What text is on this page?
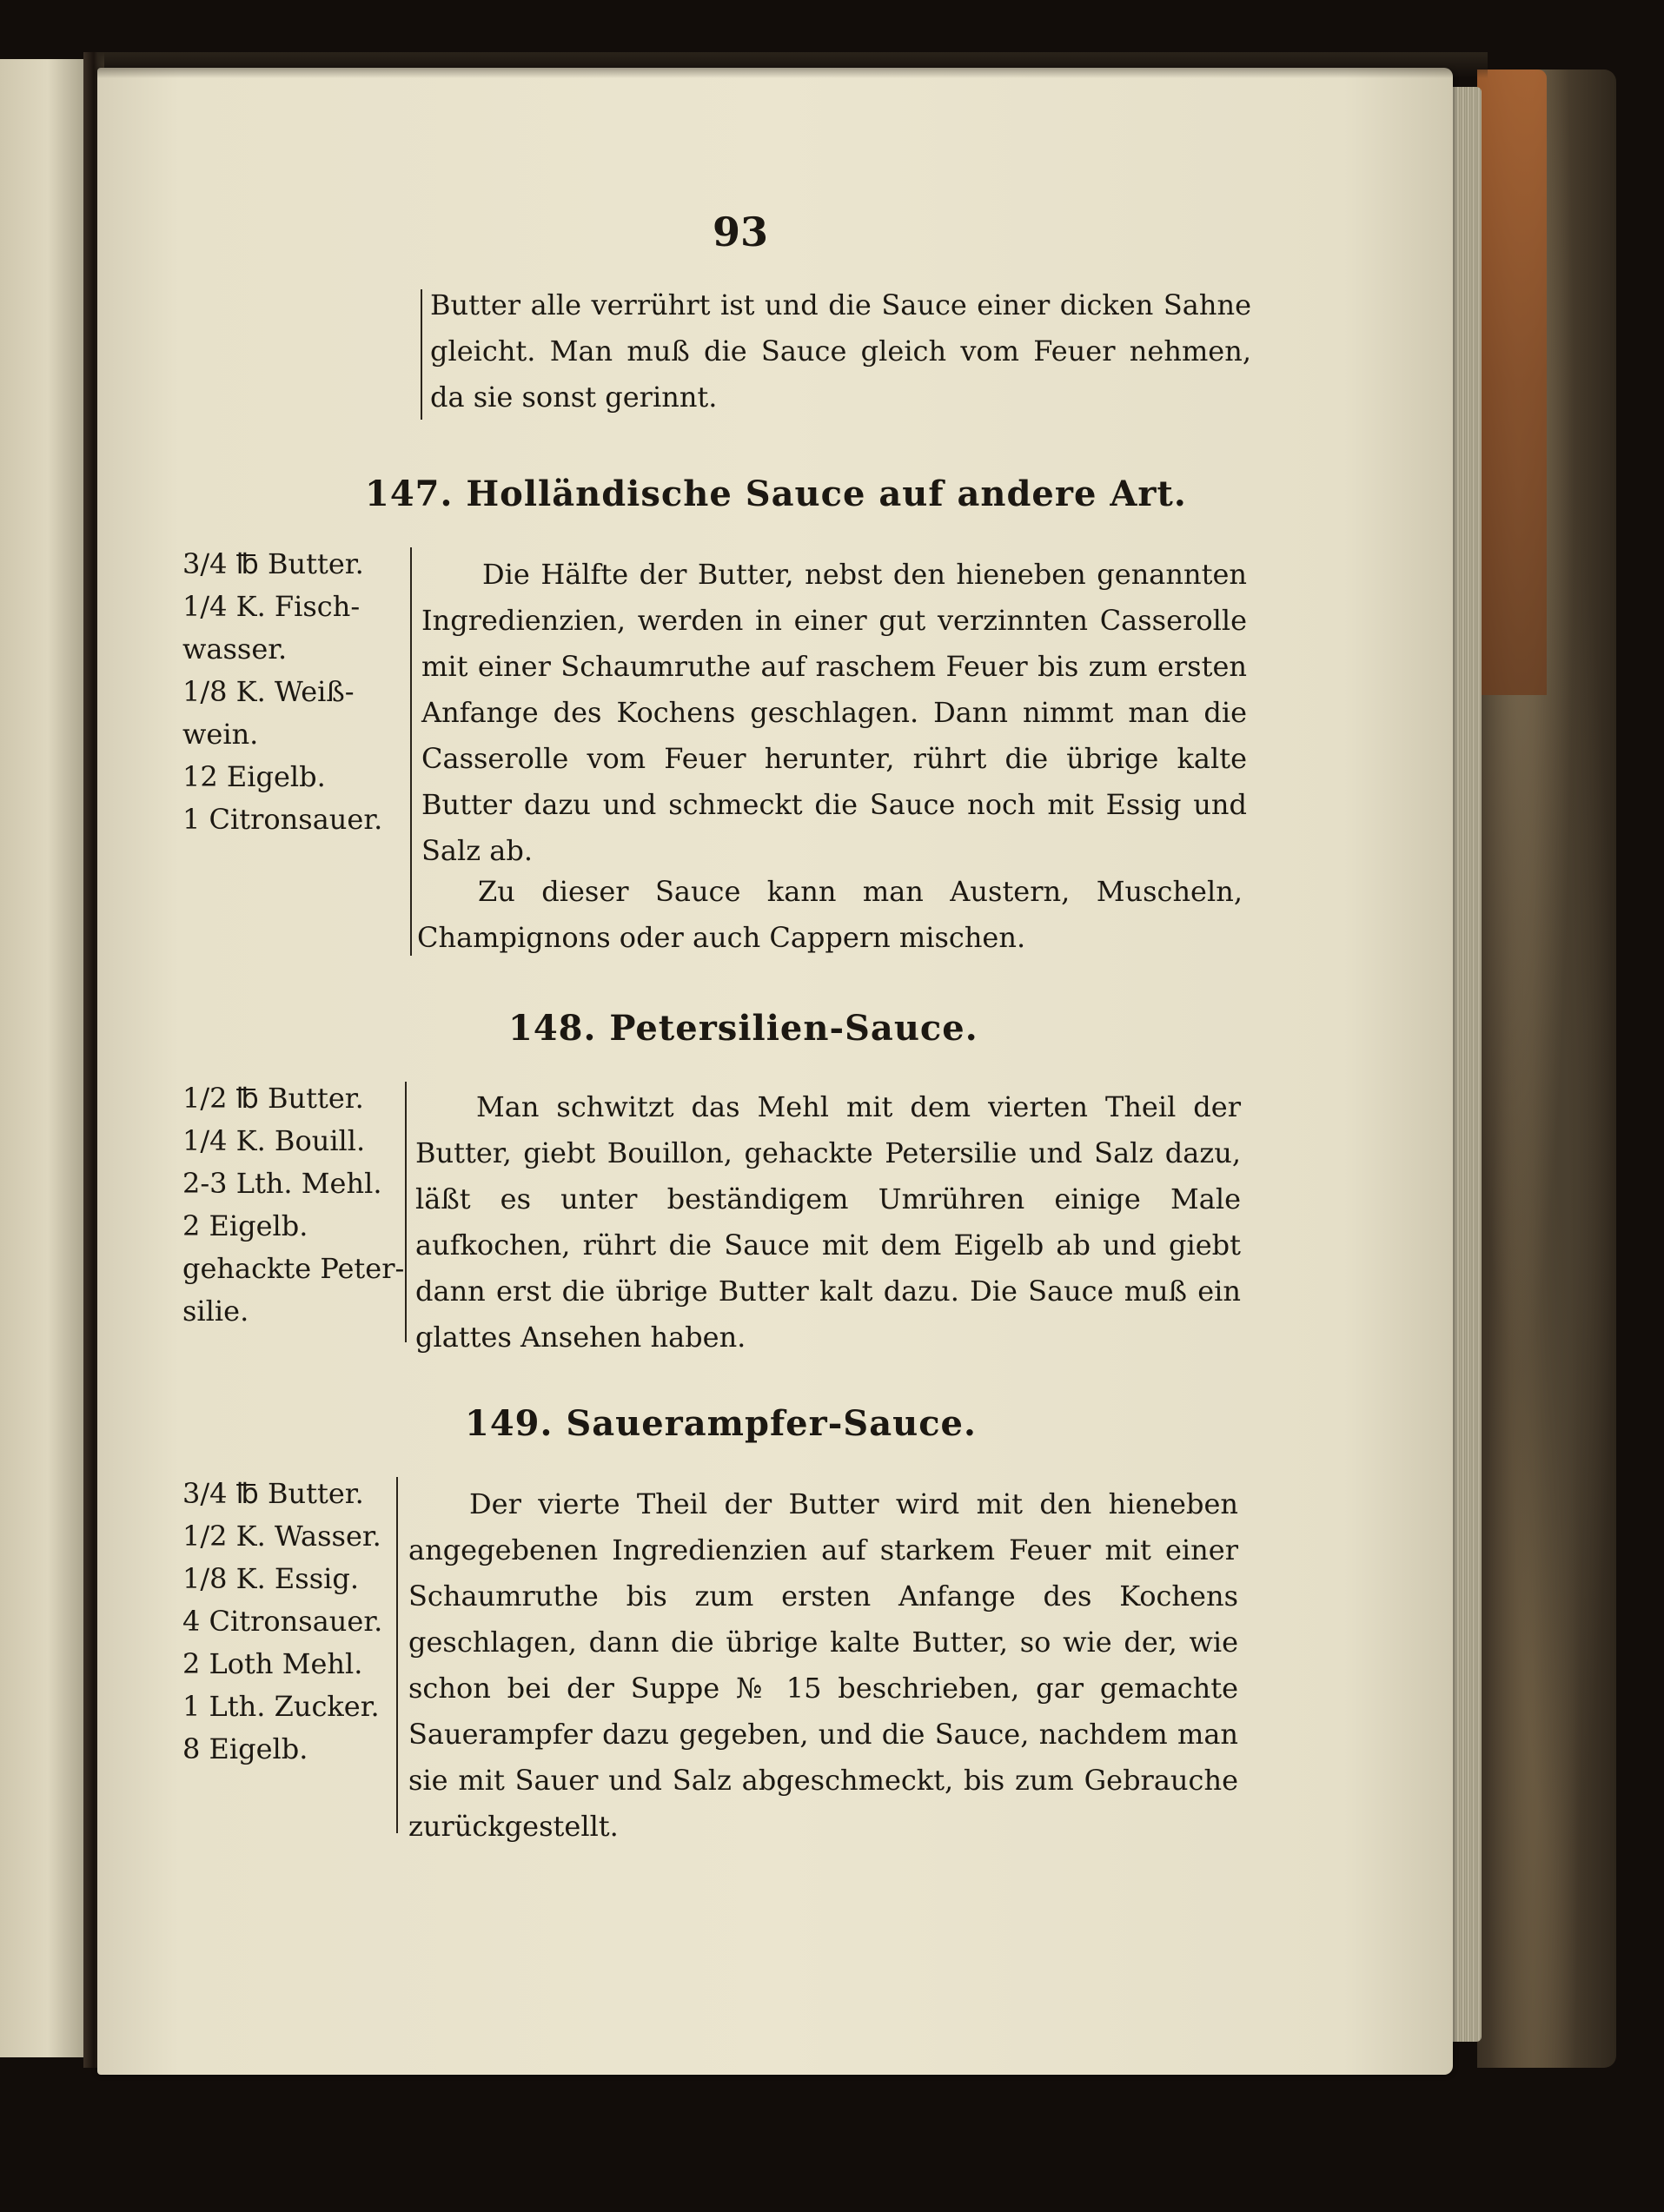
93
Butter alle verrührt ist und die Sauce einer dicken Sahne gleicht. Man muß die Sauce gleich vom Feuer nehmen, da sie sonst gerinnt.
147. Holländische Sauce auf andere Art.
3/4 ℔ Butter.
1/4 K. Fisch-
wasser.
1/8 K. Weiß-
wein.
12 Eigelb.
1 Citronsauer.
Die Hälfte der Butter, nebst den hieneben genannten Ingredienzien, werden in einer gut verzinnten Casserolle mit einer Schaumruthe auf raschem Feuer bis zum ersten Anfange des Kochens geschlagen. Dann nimmt man die Casserolle vom Feuer herunter, rührt die übrige kalte Butter dazu und schmeckt die Sauce noch mit Essig und Salz ab.
Zu dieser Sauce kann man Austern, Muscheln, Champignons oder auch Cappern mischen.
148. Petersilien-Sauce.
1/2 ℔ Butter.
1/4 K. Bouill.
2-3 Lth. Mehl.
2 Eigelb.
gehackte Peter-
silie.
Man schwitzt das Mehl mit dem vierten Theil der Butter, giebt Bouillon, gehackte Petersilie und Salz dazu, läßt es unter beständigem Umrühren einige Male aufkochen, rührt die Sauce mit dem Eigelb ab und giebt dann erst die übrige Butter kalt dazu. Die Sauce muß ein glattes Ansehen haben.
149. Sauerampfer-Sauce.
3/4 ℔ Butter.
1/2 K. Wasser.
1/8 K. Essig.
4 Citronsauer.
2 Loth Mehl.
1 Lth. Zucker.
8 Eigelb.
Der vierte Theil der Butter wird mit den hieneben angegebenen Ingredienzien auf starkem Feuer mit einer Schaumruthe bis zum ersten Anfange des Kochens geschlagen, dann die übrige kalte Butter, so wie der, wie schon bei der Suppe № 15 beschrieben, gar gemachte Sauerampfer dazu gegeben, und die Sauce, nachdem man sie mit Sauer und Salz abgeschmeckt, bis zum Gebrauche zurückgestellt.
